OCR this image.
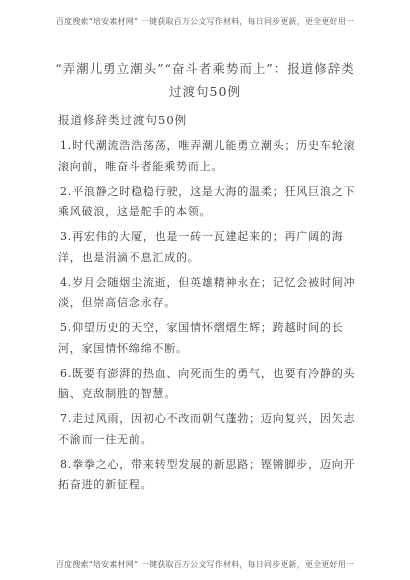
百度搜索“培安素材网” 一键获取百万公文写作材料，每日同步更新，更全更好用一
“弄潮儿勇立潮头”“奋斗者乘势而上”：报道修辞类
过渡句50例
报道修辞类过渡句50例
1.时代潮流浩浩荡荡，唯弄潮儿能勇立潮头；历史车轮滚滚向前，唯奋斗者能乘势而上。
2.平浪静之时稳稳行驶，这是大海的温柔；狂风巨浪之下乘风破浪，这是舵手的本领。
3.再宏伟的大厦，也是一砖一瓦建起来的；再广阔的海洋，也是涓滴不息汇成的。
4.岁月会随烟尘流逝，但英雄精神永在；记忆会被时间冲淡，但崇高信念永存。
5.仰望历史的天空，家国情怀熠熠生辉；跨越时间的长河，家国情怀绵绵不断。
6.既要有澎湃的热血、向死而生的勇气，也要有冷静的头脑、克敌制胜的智慧。
7.走过风雨，因初心不改而朝气蓬勃；迈向复兴，因矢志不渝而一往无前。
8.拳拳之心，带来转型发展的新思路；铿锵脚步，迈向开拓奋进的新征程。
百度搜索“培安素材网” 一键获取百万公文写作材料，每日同步更新，更全更好用一
